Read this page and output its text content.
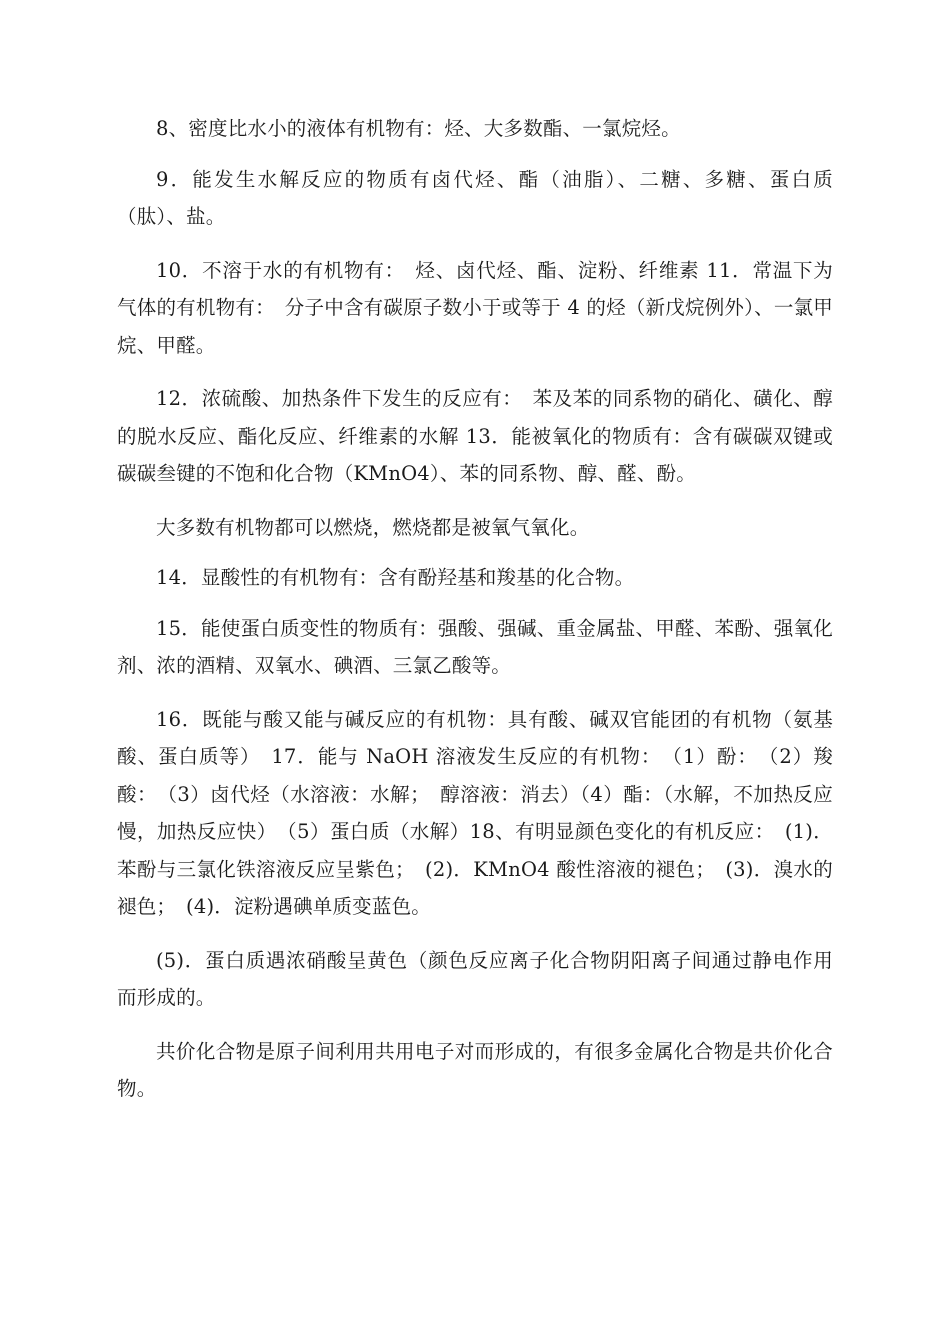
8、密度比水小的液体有机物有：烃、大多数酯、一氯烷烃。

9．能发生水解反应的物质有卤代烃、酯（油脂）、二糖、多糖、蛋白质（肽）、盐。

10．不溶于水的有机物有：　烃、卤代烃、酯、淀粉、纤维素 11．常温下为气体的有机物有：　分子中含有碳原子数小于或等于 4 的烃（新戊烷例外）、一氯甲烷、甲醛。

12．浓硫酸、加热条件下发生的反应有：　苯及苯的同系物的硝化、磺化、醇的脱水反应、酯化反应、纤维素的水解 13．能被氧化的物质有：含有碳碳双键或碳碳叁键的不饱和化合物（KMnO4）、苯的同系物、醇、醛、酚。

大多数有机物都可以燃烧，燃烧都是被氧气氧化。

14．显酸性的有机物有：含有酚羟基和羧基的化合物。

15．能使蛋白质变性的物质有：强酸、强碱、重金属盐、甲醛、苯酚、强氧化剂、浓的酒精、双氧水、碘酒、三氯乙酸等。

16．既能与酸又能与碱反应的有机物：具有酸、碱双官能团的有机物（氨基酸、蛋白质等）　17．能与 NaOH 溶液发生反应的有机物：　（1）酚：　（2）羧酸：　（3）卤代烃（水溶液：水解；　醇溶液：消去）（4）酯：（水解，不加热反应慢，加热反应快）　（5）蛋白质（水解）18、有明显颜色变化的有机反应：　(1)．苯酚与三氯化铁溶液反应呈紫色；　(2)．KMnO4 酸性溶液的褪色；　(3)．溴水的褪色；　(4)．淀粉遇碘单质变蓝色。

(5)．蛋白质遇浓硝酸呈黄色（颜色反应离子化合物阴阳离子间通过静电作用而形成的。

共价化合物是原子间利用共用电子对而形成的，有很多金属化合物是共价化合物。
